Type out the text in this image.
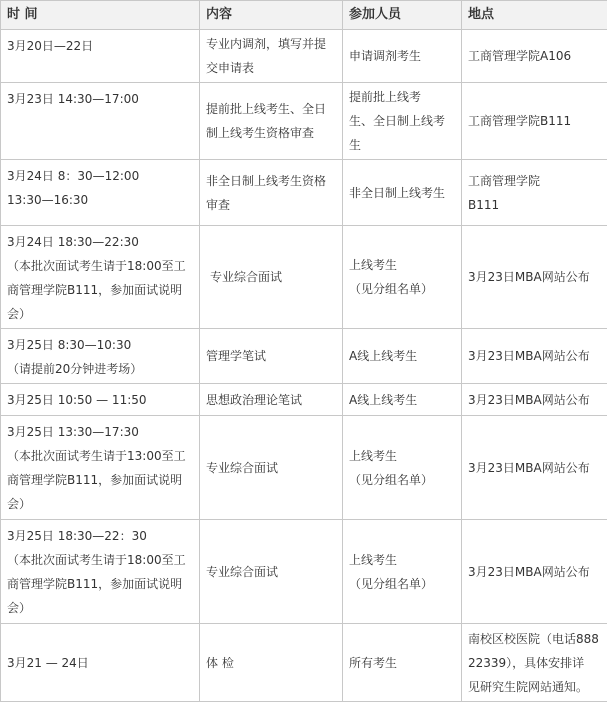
时 间	内容	参加人员	地点
3月20日—22日	专业内调剂，填写并提
交申请表	申请调剂考生	工商管理学院A106
3月23日 14:30—17:00	提前批上线考生、全日
制上线考生资格审查	提前批上线考
生、全日制上线考
生	工商管理学院B111
3月24日 8：30—12:00
13:30—16:30	非全日制上线考生资格
审查	非全日制上线考生	工商管理学院
B111
3月24日 18:30—22:30
（本批次面试考生请于18:00至工
商管理学院B111，参加面试说明
会）	专业综合面试	上线考生
（见分组名单）	3月23日MBA网站公布
3月25日 8:30—10:30
（请提前20分钟进考场）	管理学笔试	A线上线考生	3月23日MBA网站公布
3月25日 10:50 — 11:50	思想政治理论笔试	A线上线考生	3月23日MBA网站公布
3月25日 13:30—17:30
（本批次面试考生请于13:00至工
商管理学院B111，参加面试说明
会）	专业综合面试	上线考生
（见分组名单）	3月23日MBA网站公布
3月25日 18:30—22：30
（本批次面试考生请于18:00至工
商管理学院B111，参加面试说明
会）	专业综合面试	上线考生
（见分组名单）	3月23日MBA网站公布
3月21 — 24日	体 检	所有考生	南校区校医院（电话888
22339），具体安排详
见研究生院网站通知。
